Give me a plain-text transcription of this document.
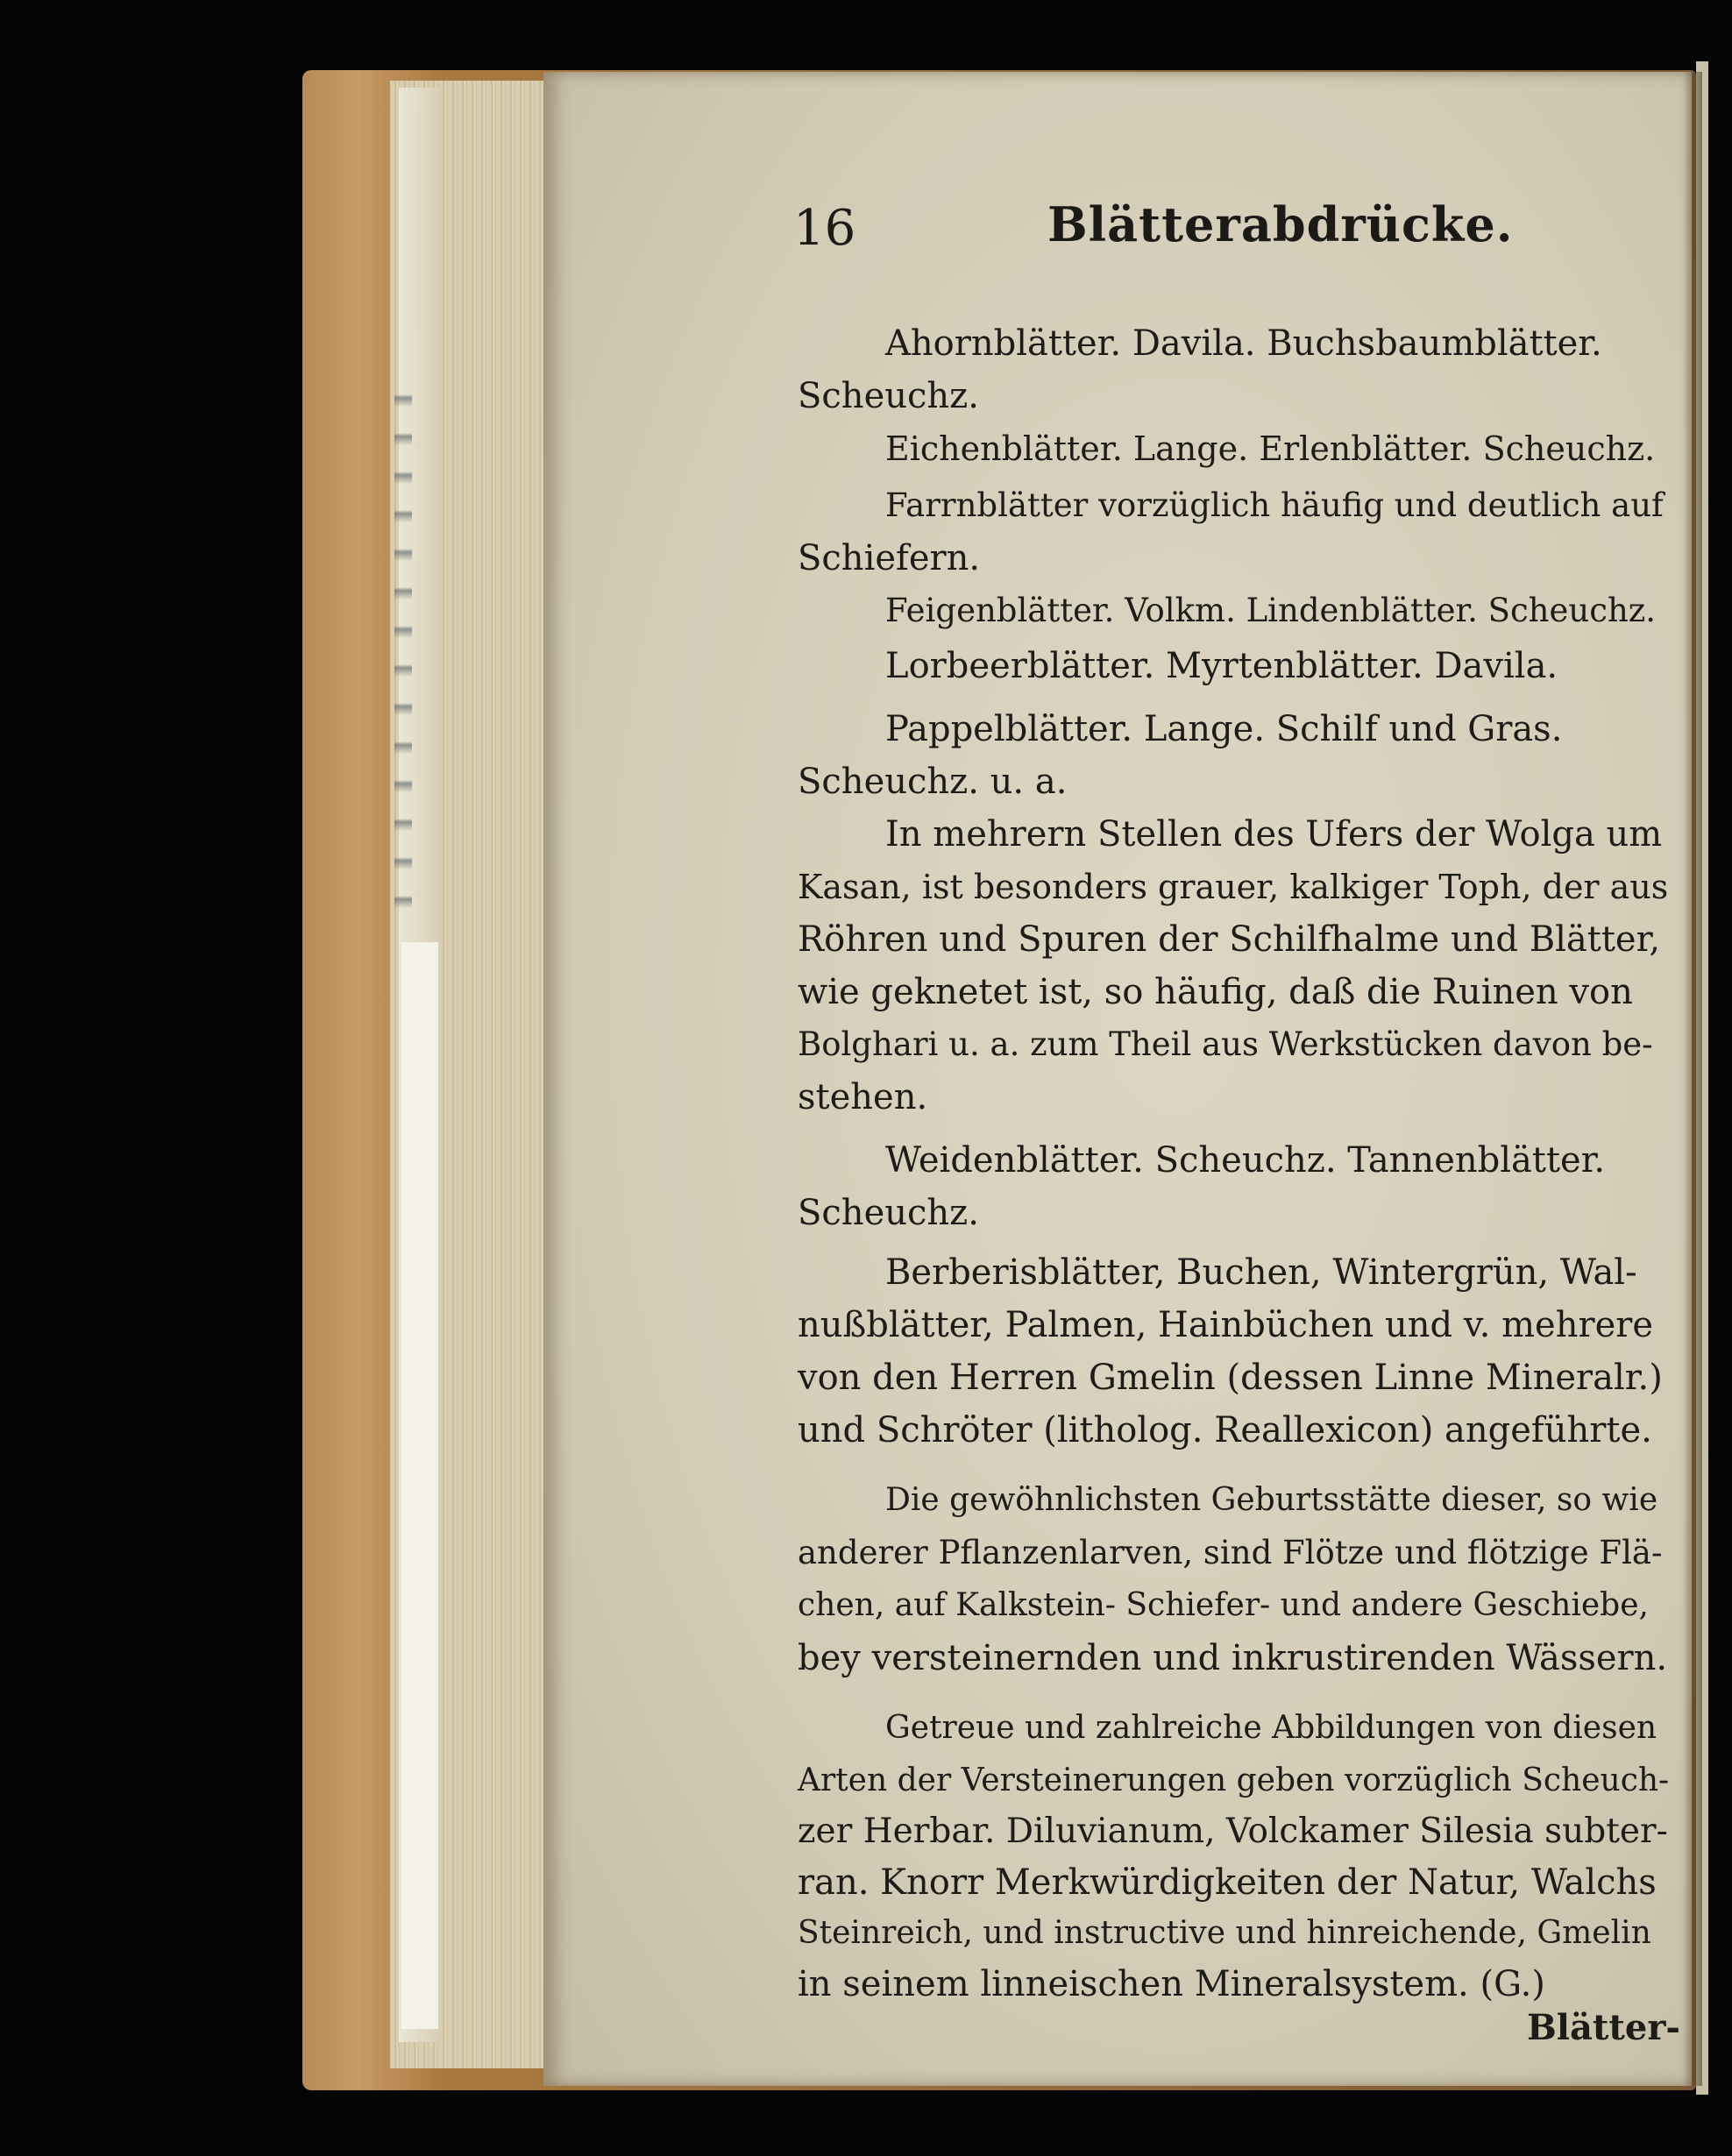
16	Blätterabdrücke.
Ahornblätter. Davila. Buchsbaumblätter.
Scheuchz.
Eichenblätter. Lange. Erlenblätter. Scheuchz.
Farrnblätter vorzüglich häufig und deutlich auf
Schiefern.
Feigenblätter. Volkm. Lindenblätter. Scheuchz.
Lorbeerblätter. Myrtenblätter. Davila.
Pappelblätter. Lange. Schilf und Gras.
Scheuchz. u. a.
In mehrern Stellen des Ufers der Wolga um
Kasan, ist besonders grauer, kalkiger Toph, der aus
Röhren und Spuren der Schilfhalme und Blätter,
wie geknetet ist, so häufig, daß die Ruinen von
Bolghari u. a. zum Theil aus Werkstücken davon be-
stehen.
Weidenblätter. Scheuchz. Tannenblätter.
Scheuchz.
Berberisblätter, Buchen, Wintergrün, Wal-
nußblätter, Palmen, Hainbüchen und v. mehrere
von den Herren Gmelin (dessen Linne Mineralr.)
und Schröter (litholog. Reallexicon) angeführte.
Die gewöhnlichsten Geburtsstätte dieser, so wie
anderer Pflanzenlarven, sind Flötze und flötzige Flä-
chen, auf Kalkstein- Schiefer- und andere Geschiebe,
bey versteinernden und inkrustirenden Wässern.
Getreue und zahlreiche Abbildungen von diesen
Arten der Versteinerungen geben vorzüglich Scheuch-
zer Herbar. Diluvianum, Volckamer Silesia subter-
ran. Knorr Merkwürdigkeiten der Natur, Walchs
Steinreich, und instructive und hinreichende, Gmelin
in seinem linneischen Mineralsystem. (G.)
Blätter-
